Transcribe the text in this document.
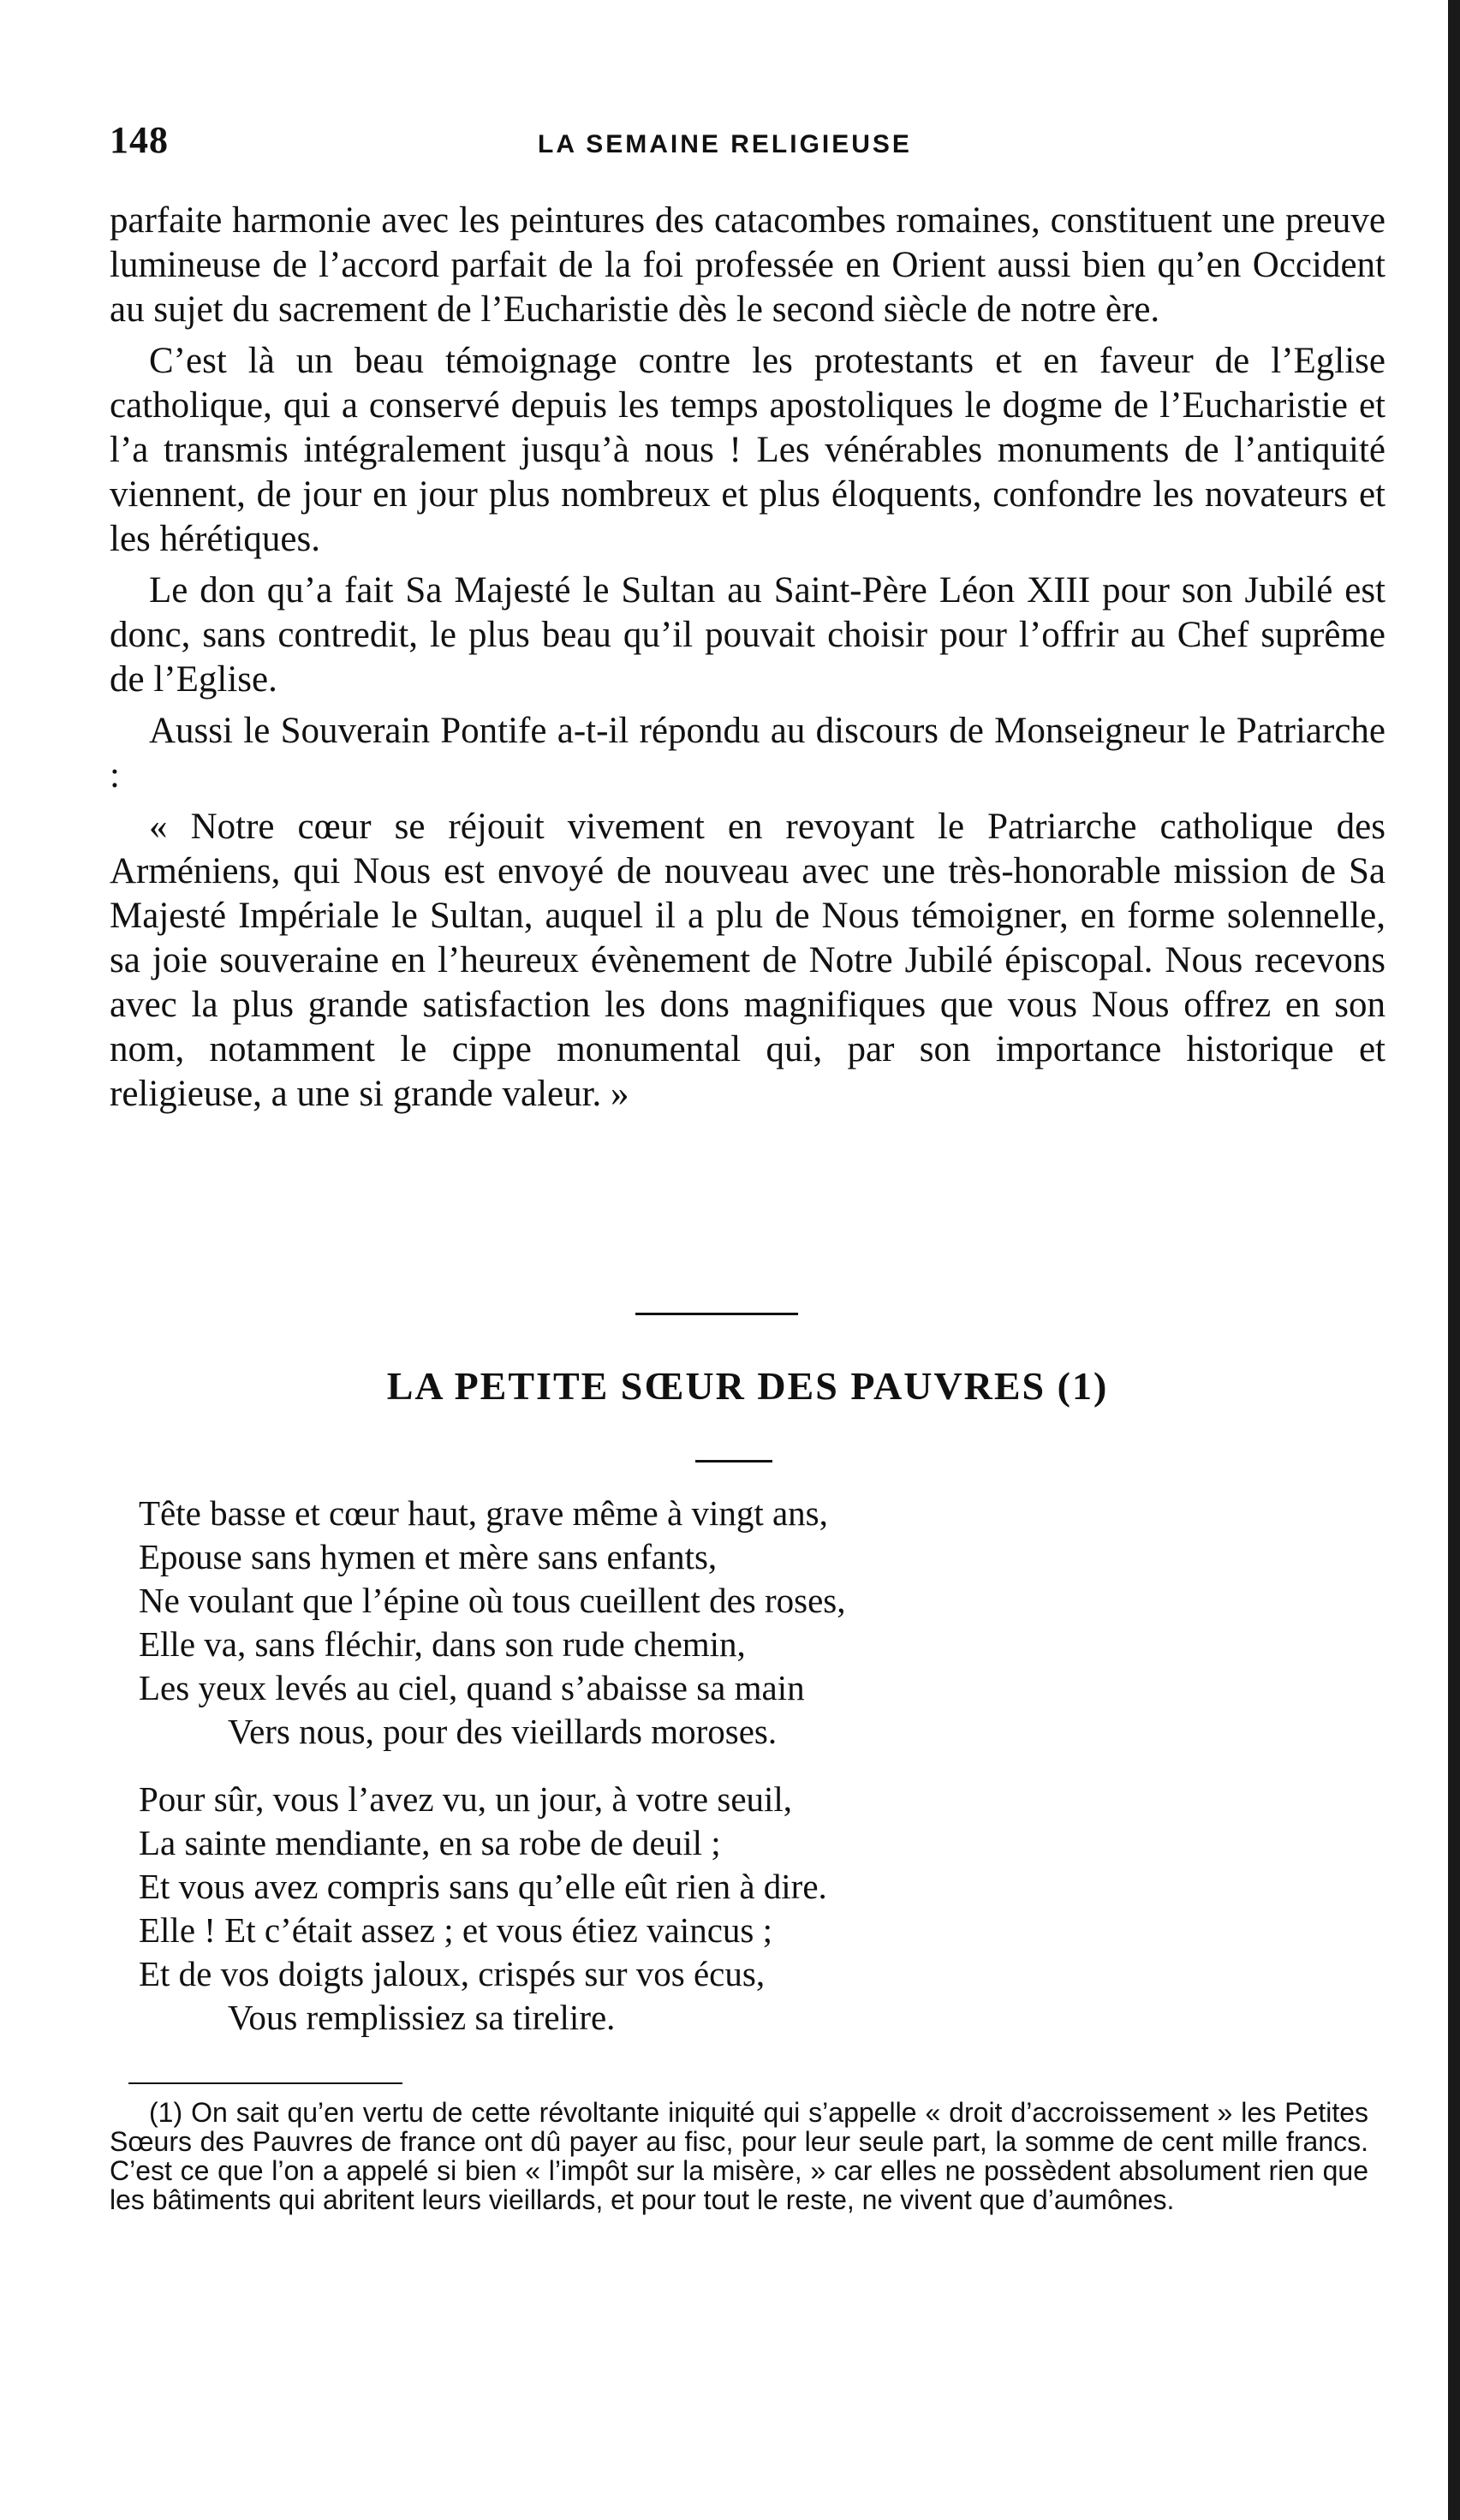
148	LA SEMAINE RELIGIEUSE

parfaite harmonie avec les peintures des catacombes romaines, constituent une preuve lumineuse de l’accord parfait de la foi professée en Orient aussi bien qu’en Occident au sujet du sacrement de l’Eucharistie dès le second siècle de notre ère.

C’est là un beau témoignage contre les protestants et en faveur de l’Eglise catholique, qui a conservé depuis les temps apostoliques le dogme de l’Eucharistie et l’a transmis intégralement jusqu’à nous ! Les vénérables monuments de l’antiquité viennent, de jour en jour plus nombreux et plus éloquents, confondre les novateurs et les hérétiques.

Le don qu’a fait Sa Majesté le Sultan au Saint-Père Léon XIII pour son Jubilé est donc, sans contredit, le plus beau qu’il pouvait choisir pour l’offrir au Chef suprême de l’Eglise.

Aussi le Souverain Pontife a-t-il répondu au discours de Monseigneur le Patriarche :

« Notre cœur se réjouit vivement en revoyant le Patriarche catholique des Arméniens, qui Nous est envoyé de nouveau avec une très-honorable mission de Sa Majesté Impériale le Sultan, auquel il a plu de Nous témoigner, en forme solennelle, sa joie souveraine en l’heureux évènement de Notre Jubilé épiscopal. Nous recevons avec la plus grande satisfaction les dons magnifiques que vous Nous offrez en son nom, notamment le cippe monumental qui, par son importance historique et religieuse, a une si grande valeur. »

LA PETITE SŒUR DES PAUVRES (1)
Tête basse et cœur haut, grave même à vingt ans,
Epouse sans hymen et mère sans enfants,
Ne voulant que l’épine où tous cueillent des roses,
Elle va, sans fléchir, dans son rude chemin,
Les yeux levés au ciel, quand s’abaisse sa main
Vers nous, pour des vieillards moroses.
Pour sûr, vous l’avez vu, un jour, à votre seuil,
La sainte mendiante, en sa robe de deuil ;
Et vous avez compris sans qu’elle eût rien à dire.
Elle ! Et c’était assez ; et vous étiez vaincus ;
Et de vos doigts jaloux, crispés sur vos écus,
Vous remplissiez sa tirelire.

(1) On sait qu’en vertu de cette révoltante iniquité qui s’appelle « droit d’accroissement » les Petites Sœurs des Pauvres de france ont dû payer au fisc, pour leur seule part, la somme de cent mille francs. C’est ce que l’on a appelé si bien « l’impôt sur la misère, » car elles ne possèdent absolument rien que les bâtiments qui abritent leurs vieillards, et pour tout le reste, ne vivent que d’aumônes.
